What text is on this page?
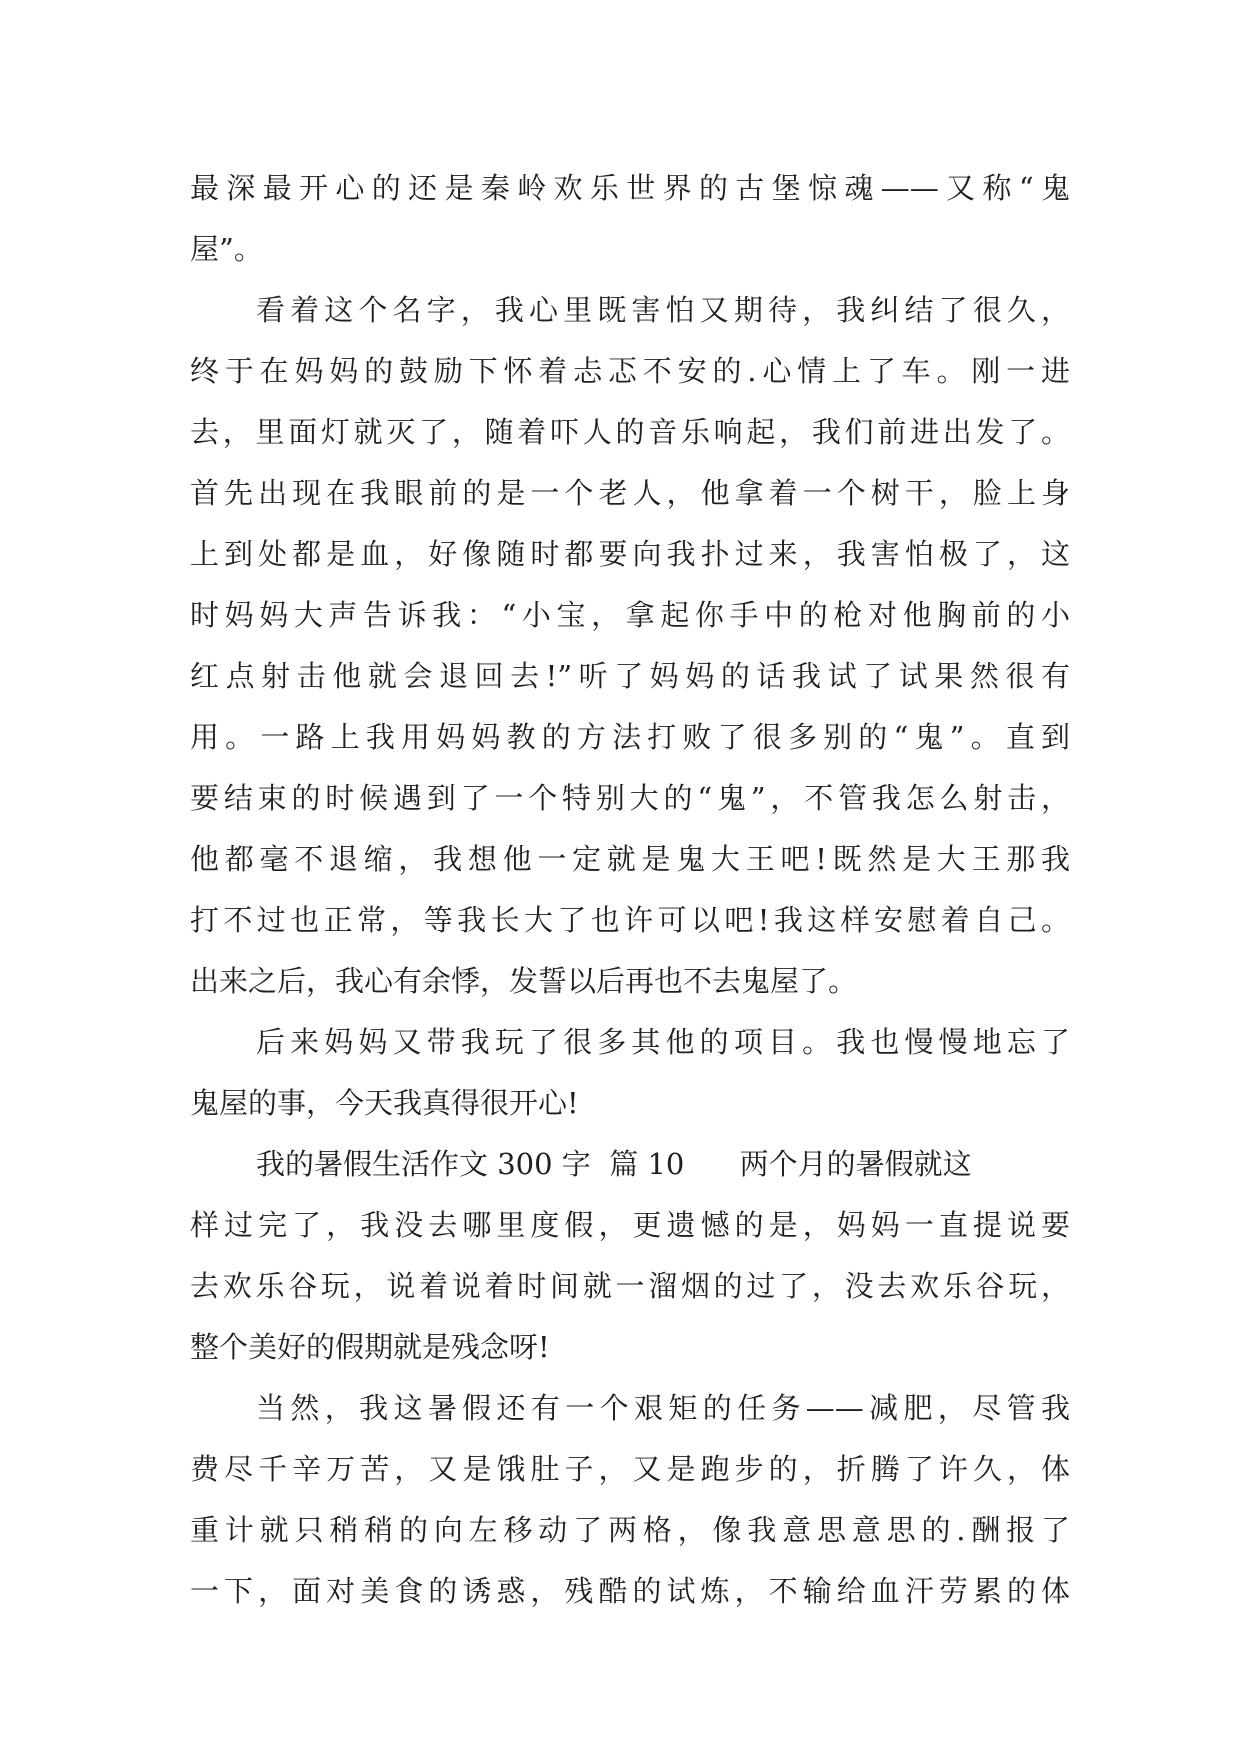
最深最开心的还是秦岭欢乐世界的古堡惊魂——又称“鬼
屋”。
看着这个名字，我心里既害怕又期待，我纠结了很久，
终于在妈妈的鼓励下怀着忐忑不安的.心情上了车。刚一进
去，里面灯就灭了，随着吓人的音乐响起，我们前进出发了。
首先出现在我眼前的是一个老人，他拿着一个树干，脸上身
上到处都是血，好像随时都要向我扑过来，我害怕极了，这
时妈妈大声告诉我：“小宝，拿起你手中的枪对他胸前的小
红点射击他就会退回去!”听了妈妈的话我试了试果然很有
用。一路上我用妈妈教的方法打败了很多别的“鬼”。直到
要结束的时候遇到了一个特别大的“鬼”，不管我怎么射击，
他都毫不退缩，我想他一定就是鬼大王吧!既然是大王那我
打不过也正常，等我长大了也许可以吧!我这样安慰着自己。
出来之后，我心有余悸，发誓以后再也不去鬼屋了。
后来妈妈又带我玩了很多其他的项目。我也慢慢地忘了
鬼屋的事，今天我真得很开心!
我的暑假生活作文 300 字  篇 10      两个月的暑假就这
样过完了，我没去哪里度假，更遗憾的是，妈妈一直提说要
去欢乐谷玩，说着说着时间就一溜烟的过了，没去欢乐谷玩，
整个美好的假期就是残念呀!
当然，我这暑假还有一个艰矩的任务——减肥，尽管我
费尽千辛万苦，又是饿肚子，又是跑步的，折腾了许久，体
重计就只稍稍的向左移动了两格，像我意思意思的.酬报了
一下，面对美食的诱惑，残酷的试炼，不输给血汗劳累的体
